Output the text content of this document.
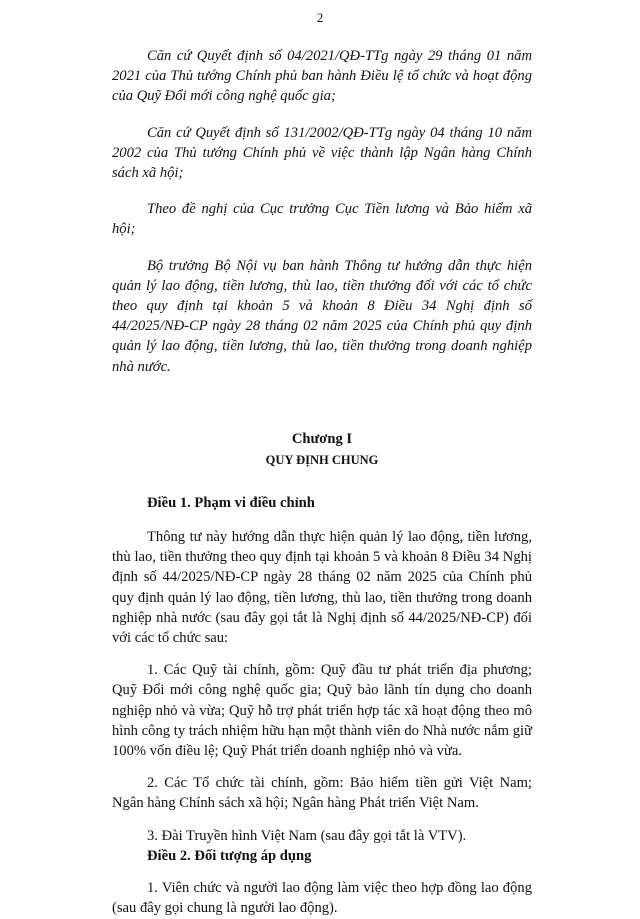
2

Căn cứ Quyết định số 04/2021/QĐ-TTg ngày 29 tháng 01 năm 2021 của Thủ tướng Chính phủ ban hành Điều lệ tổ chức và hoạt động của Quỹ Đổi mới công nghệ quốc gia;

Căn cứ Quyết định số 131/2002/QĐ-TTg ngày 04 tháng 10 năm 2002 của Thủ tướng Chính phủ về việc thành lập Ngân hàng Chính sách xã hội;

Theo đề nghị của Cục trưởng Cục Tiền lương và Bảo hiểm xã hội;

Bộ trưởng Bộ Nội vụ ban hành Thông tư hướng dẫn thực hiện quản lý lao động, tiền lương, thù lao, tiền thưởng đối với các tổ chức theo quy định tại khoản 5 và khoản 8 Điều 34 Nghị định số 44/2025/NĐ-CP ngày 28 tháng 02 năm 2025 của Chính phủ quy định quản lý lao động, tiền lương, thù lao, tiền thưởng trong doanh nghiệp nhà nước.

Chương I
QUY ĐỊNH CHUNG

Điều 1. Phạm vi điều chỉnh

Thông tư này hướng dẫn thực hiện quản lý lao động, tiền lương, thù lao, tiền thưởng theo quy định tại khoản 5 và khoản 8 Điều 34 Nghị định số 44/2025/NĐ-CP ngày 28 tháng 02 năm 2025 của Chính phủ quy định quản lý lao động, tiền lương, thù lao, tiền thưởng trong doanh nghiệp nhà nước (sau đây gọi tắt là Nghị định số 44/2025/NĐ-CP) đối với các tổ chức sau:

1. Các Quỹ tài chính, gồm: Quỹ đầu tư phát triển địa phương; Quỹ Đổi mới công nghệ quốc gia; Quỹ bảo lãnh tín dụng cho doanh nghiệp nhỏ và vừa; Quỹ hỗ trợ phát triển hợp tác xã hoạt động theo mô hình công ty trách nhiệm hữu hạn một thành viên do Nhà nước nắm giữ 100% vốn điều lệ; Quỹ Phát triển doanh nghiệp nhỏ và vừa.

2. Các Tổ chức tài chính, gồm: Bảo hiểm tiền gửi Việt Nam; Ngân hàng Chính sách xã hội; Ngân hàng Phát triển Việt Nam.

3. Đài Truyền hình Việt Nam (sau đây gọi tắt là VTV).

Điều 2. Đối tượng áp dụng

1. Viên chức và người lao động làm việc theo hợp đồng lao động (sau đây gọi chung là người lao động).
